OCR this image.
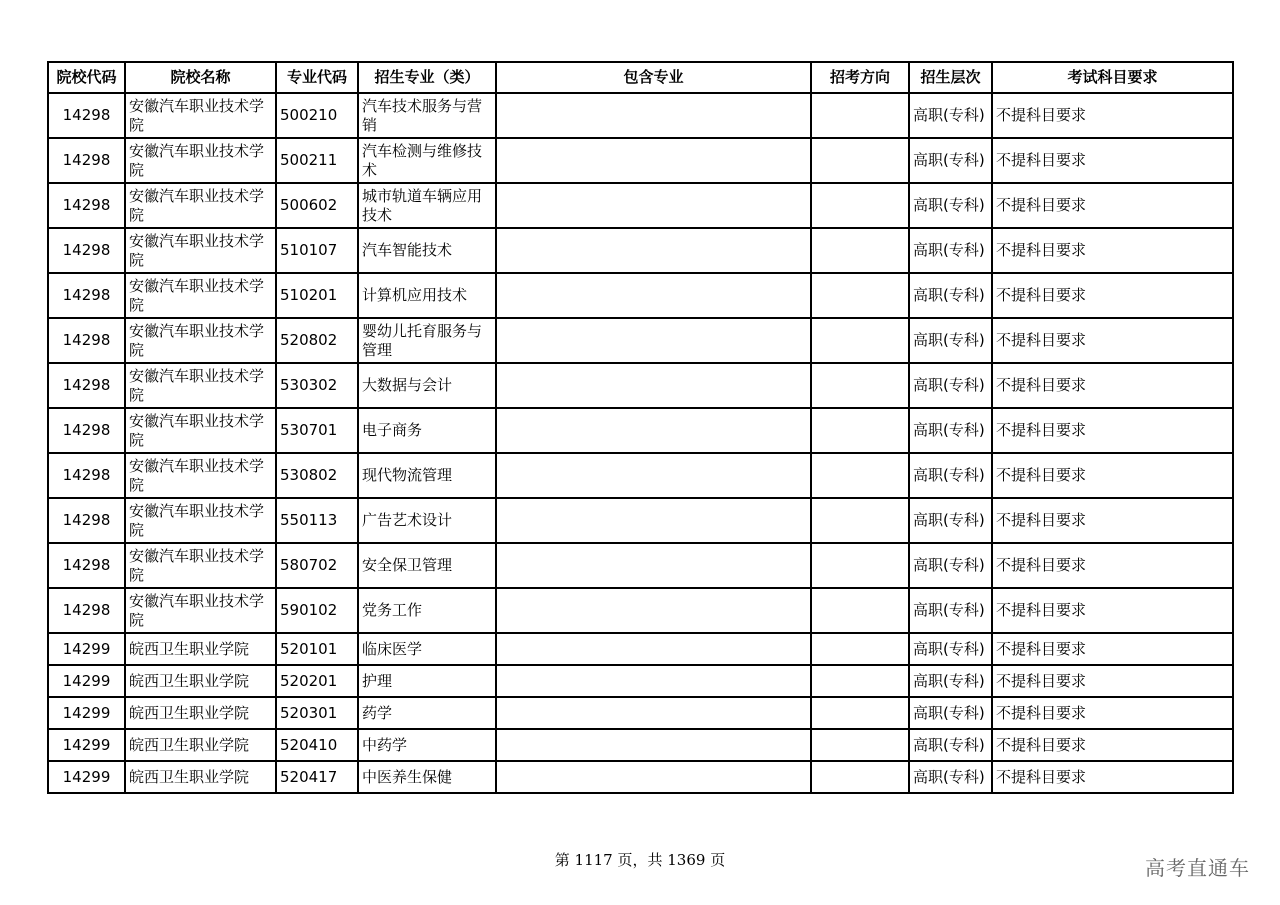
院校代码	院校名称	专业代码	招生专业（类）	包含专业	招考方向	招生层次	考试科目要求
14298	安徽汽车职业技术学院	500210	汽车技术服务与营销			高职(专科)	不提科目要求
14298	安徽汽车职业技术学院	500211	汽车检测与维修技术			高职(专科)	不提科目要求
14298	安徽汽车职业技术学院	500602	城市轨道车辆应用技术			高职(专科)	不提科目要求
14298	安徽汽车职业技术学院	510107	汽车智能技术			高职(专科)	不提科目要求
14298	安徽汽车职业技术学院	510201	计算机应用技术			高职(专科)	不提科目要求
14298	安徽汽车职业技术学院	520802	婴幼儿托育服务与管理			高职(专科)	不提科目要求
14298	安徽汽车职业技术学院	530302	大数据与会计			高职(专科)	不提科目要求
14298	安徽汽车职业技术学院	530701	电子商务			高职(专科)	不提科目要求
14298	安徽汽车职业技术学院	530802	现代物流管理			高职(专科)	不提科目要求
14298	安徽汽车职业技术学院	550113	广告艺术设计			高职(专科)	不提科目要求
14298	安徽汽车职业技术学院	580702	安全保卫管理			高职(专科)	不提科目要求
14298	安徽汽车职业技术学院	590102	党务工作			高职(专科)	不提科目要求
14299	皖西卫生职业学院	520101	临床医学			高职(专科)	不提科目要求
14299	皖西卫生职业学院	520201	护理			高职(专科)	不提科目要求
14299	皖西卫生职业学院	520301	药学			高职(专科)	不提科目要求
14299	皖西卫生职业学院	520410	中药学			高职(专科)	不提科目要求
14299	皖西卫生职业学院	520417	中医养生保健			高职(专科)	不提科目要求
第 1117 页，共 1369 页	高考直通车
